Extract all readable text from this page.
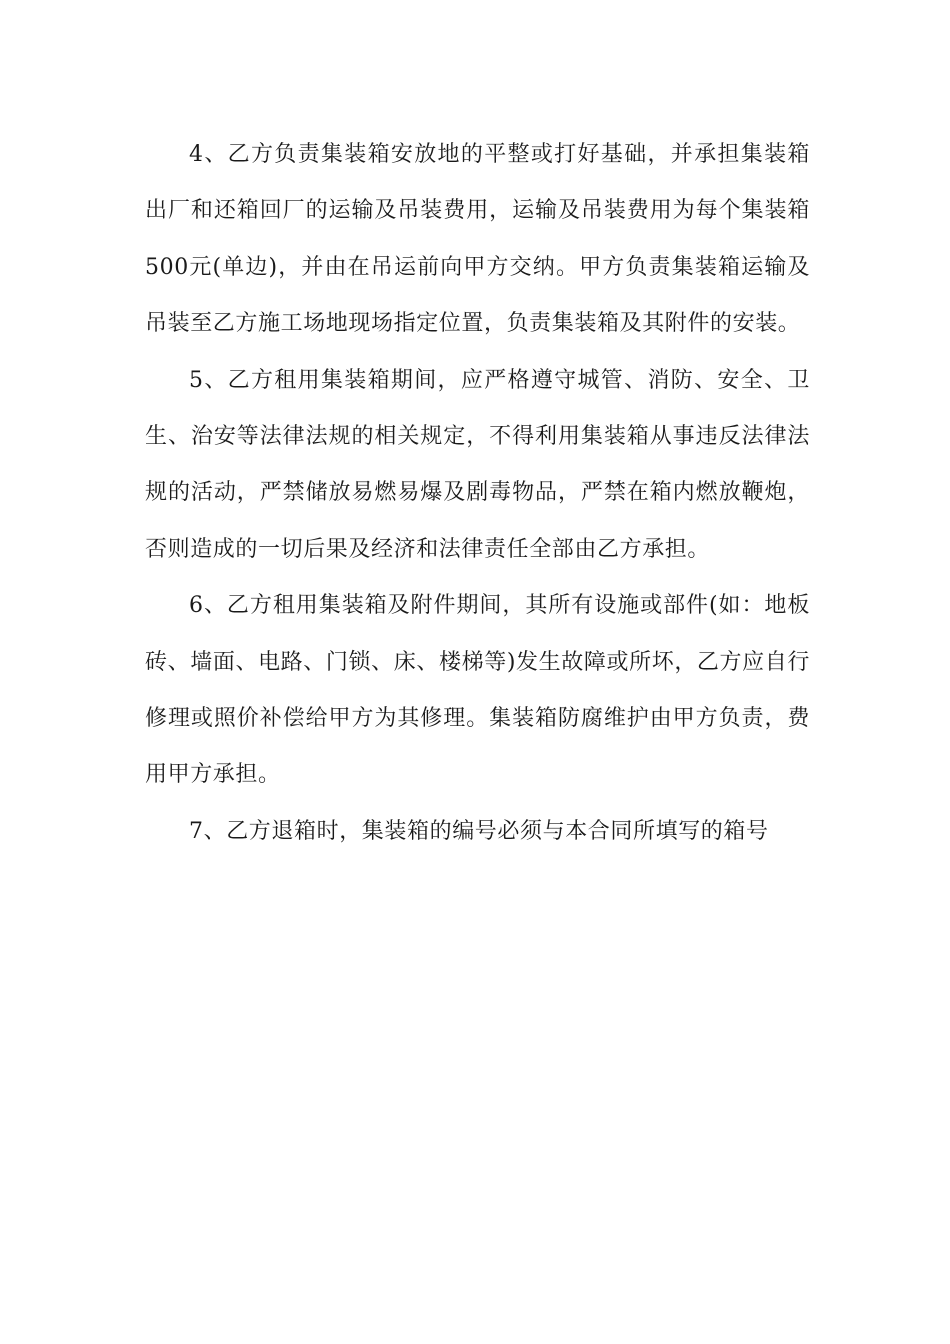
4、乙方负责集装箱安放地的平整或打好基础，并承担集装箱出厂和还箱回厂的运输及吊装费用，运输及吊装费用为每个集装箱500元(单边)，并由在吊运前向甲方交纳。甲方负责集装箱运输及吊装至乙方施工场地现场指定位置，负责集装箱及其附件的安装。

5、乙方租用集装箱期间，应严格遵守城管、消防、安全、卫生、治安等法律法规的相关规定，不得利用集装箱从事违反法律法规的活动，严禁储放易燃易爆及剧毒物品，严禁在箱内燃放鞭炮，否则造成的一切后果及经济和法律责任全部由乙方承担。

6、乙方租用集装箱及附件期间，其所有设施或部件(如：地板砖、墙面、电路、门锁、床、楼梯等)发生故障或所坏，乙方应自行修理或照价补偿给甲方为其修理。集装箱防腐维护由甲方负责，费用甲方承担。

7、乙方退箱时，集装箱的编号必须与本合同所填写的箱号
